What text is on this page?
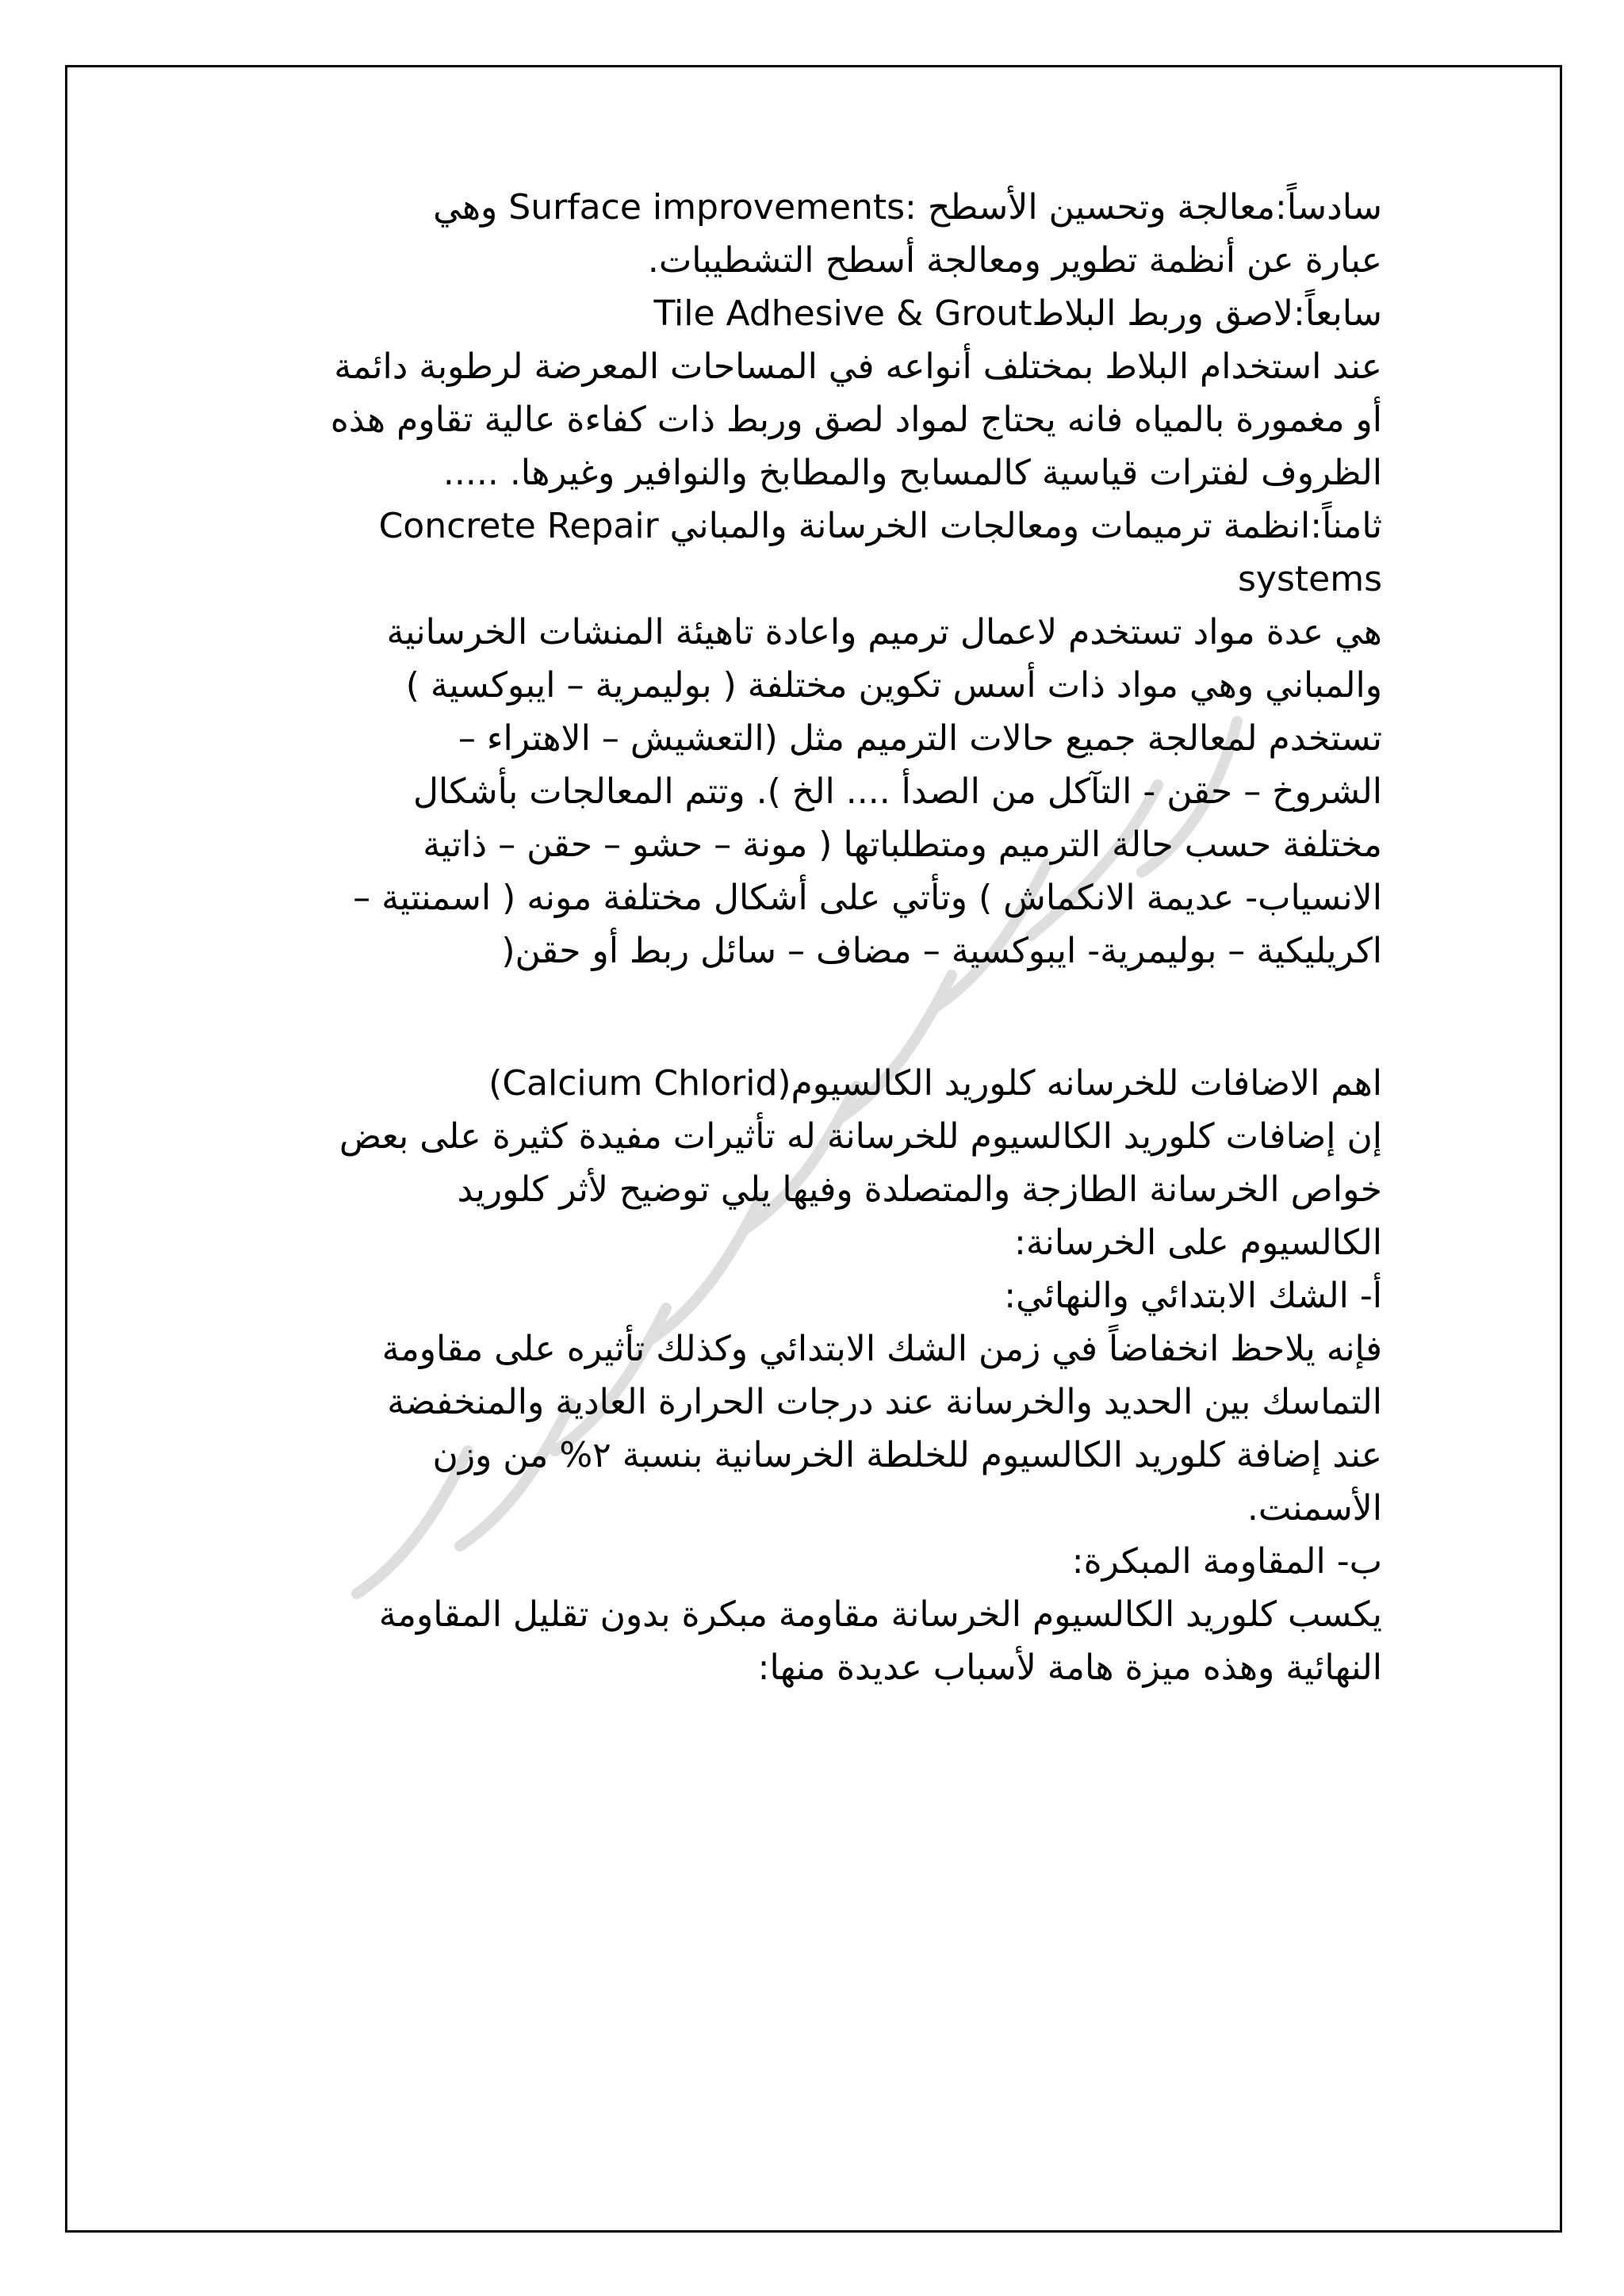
سادساً:معالجة وتحسين الأسطح :Surface improvements وهي
عبارة عن أنظمة تطوير ومعالجة أسطح التشطيبات.
سابعاً:لاصق وربط البلاطTile Adhesive & Grout
عند استخدام البلاط بمختلف أنواعه في المساحات المعرضة لرطوبة دائمة
أو مغمورة بالمياه فانه يحتاج لمواد لصق وربط ذات كفاءة عالية تقاوم هذه
الظروف لفترات قياسية كالمسابح والمطابخ والنوافير وغيرها. .....
ثامناً:انظمة ترميمات ومعالجات الخرسانة والمباني Concrete Repair
systems
هي عدة مواد تستخدم لاعمال ترميم واعادة تاهيئة المنشات الخرسانية
والمباني وهي مواد ذات أسس تكوين مختلفة ( بوليمرية – ايبوكسية )
تستخدم لمعالجة جميع حالات الترميم مثل (التعشيش – الاهتراء –
الشروخ – حقن - التآكل من الصدأ .... الخ ). وتتم المعالجات بأشكال
مختلفة حسب حالة الترميم ومتطلباتها ( مونة – حشو – حقن – ذاتية
الانسياب- عديمة الانكماش ) وتأتي على أشكال مختلفة مونه ( اسمنتية –
اكريليكية – بوليمرية- ايبوكسية – مضاف – سائل ربط أو حقن(
اهم الاضافات للخرسانه كلوريد الكالسيوم(Calcium Chlorid)
إن إضافات كلوريد الكالسيوم للخرسانة له تأثيرات مفيدة كثيرة على بعض
خواص الخرسانة الطازجة والمتصلدة وفيها يلي توضيح لأثر كلوريد
الكالسيوم على الخرسانة:
أ- الشك الابتدائي والنهائي:
فإنه يلاحظ انخفاضاً في زمن الشك الابتدائي وكذلك تأثيره على مقاومة
التماسك بين الحديد والخرسانة عند درجات الحرارة العادية والمنخفضة
عند إضافة كلوريد الكالسيوم للخلطة الخرسانية بنسبة ٢% من وزن
الأسمنت.
ب- المقاومة المبكرة:
يكسب كلوريد الكالسيوم الخرسانة مقاومة مبكرة بدون تقليل المقاومة
النهائية وهذه ميزة هامة لأسباب عديدة منها:
